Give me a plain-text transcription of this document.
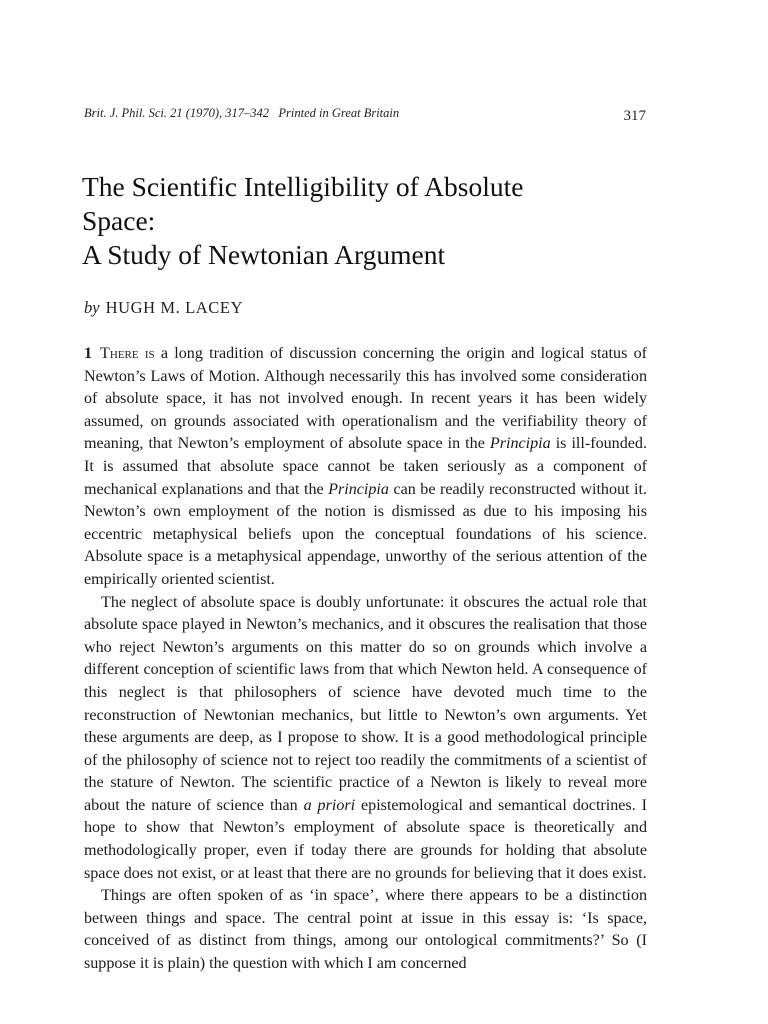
Brit. J. Phil. Sci. 21 (1970), 317–342 Printed in Great Britain	317
The Scientific Intelligibility of Absolute
Space:
A Study of Newtonian Argument
by HUGH M. LACEY

1 There is a long tradition of discussion concerning the origin and logical status of Newton’s Laws of Motion. Although necessarily this has involved some consideration of absolute space, it has not involved enough. In recent years it has been widely assumed, on grounds associated with operationalism and the verifiability theory of meaning, that Newton’s employment of absolute space in the Principia is ill-founded. It is assumed that absolute space cannot be taken seriously as a component of mechanical explanations and that the Principia can be readily reconstructed without it. Newton’s own employment of the notion is dismissed as due to his imposing his eccentric metaphysical beliefs upon the conceptual foundations of his science. Absolute space is a metaphysical appendage, unworthy of the serious attention of the empirically oriented scientist.

The neglect of absolute space is doubly unfortunate: it obscures the actual role that absolute space played in Newton’s mechanics, and it obscures the realisation that those who reject Newton’s arguments on this matter do so on grounds which involve a different conception of scientific laws from that which Newton held. A consequence of this neglect is that philosophers of science have devoted much time to the reconstruction of Newtonian mechanics, but little to Newton’s own arguments. Yet these arguments are deep, as I propose to show. It is a good methodological principle of the philosophy of science not to reject too readily the commitments of a scientist of the stature of Newton. The scientific practice of a Newton is likely to reveal more about the nature of science than a priori epistemological and semantical doctrines. I hope to show that Newton’s employment of absolute space is theoretically and methodologically proper, even if today there are grounds for holding that absolute space does not exist, or at least that there are no grounds for believing that it does exist.

Things are often spoken of as ‘in space’, where there appears to be a distinction between things and space. The central point at issue in this essay is: ‘Is space, conceived of as distinct from things, among our ontological commitments?’ So (I suppose it is plain) the question with which I am concerned
